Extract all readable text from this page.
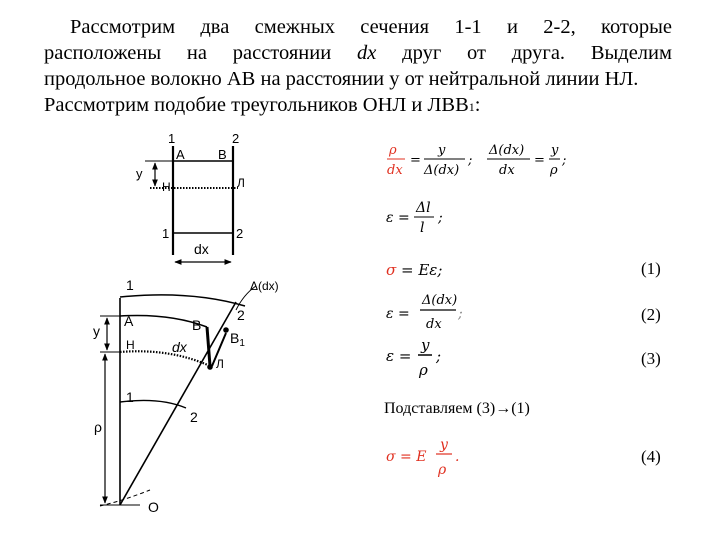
Рассмотрим два смежных сечения 1-1 и 2-2, которые
расположены на расстоянии dx друг от друга. Выделим
продольное волокно АВ на расстоянии у от нейтральной линии НЛ.
Рассмотрим подобие треугольников ОНЛ и ЛВВ1:
1	2
А	В
у
Н	Л
1	2
dx
1	Δ(dx)
А	В
$В_1$
2
у
Н	dx
Л
1
2
ρ
О
ρ
dx
=
y
Δ(dx)
;
Δ(dx)
dx
=
y
ρ
;
ε =
Δl
l
;
σ = Eε;
ε =
Δ(dx)
dx
;
ε =
y
ρ
;
σ = E
y
ρ
.
(1)
(2)
(3)
(4)
Подставляем (3)→(1)
